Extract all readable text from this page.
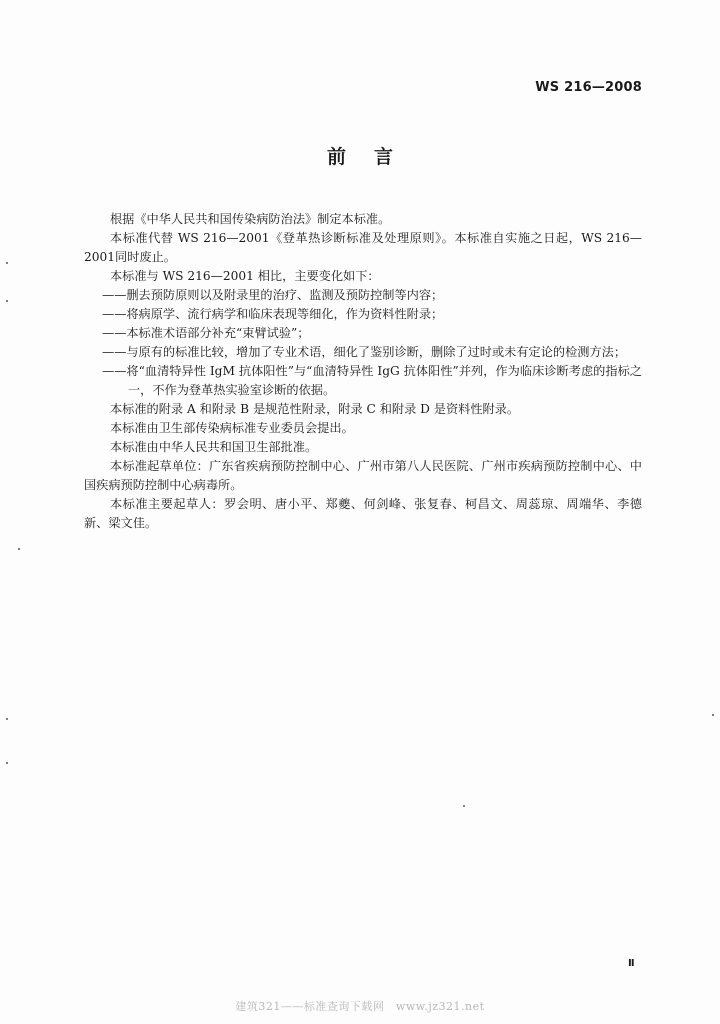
WS 216—2008
前言

根据《中华人民共和国传染病防治法》制定本标准。

本标准代替 WS 216—2001《登革热诊断标准及处理原则》。本标准自实施之日起，WS 216—2001同时废止。

本标准与 WS 216—2001 相比，主要变化如下：

——删去预防原则以及附录里的治疗、监测及预防控制等内容；

——将病原学、流行病学和临床表现等细化，作为资料性附录；

——本标准术语部分补充“束臂试验”；

——与原有的标准比较，增加了专业术语，细化了鉴别诊断，删除了过时或未有定论的检测方法；

——将“血清特异性 IgM 抗体阳性”与“血清特异性 IgG 抗体阳性”并列，作为临床诊断考虑的指标之一，不作为登革热实验室诊断的依据。

本标准的附录 A 和附录 B 是规范性附录，附录 C 和附录 D 是资料性附录。

本标准由卫生部传染病标准专业委员会提出。

本标准由中华人民共和国卫生部批准。

本标准起草单位：广东省疾病预防控制中心、广州市第八人民医院、广州市疾病预防控制中心、中国疾病预防控制中心病毒所。

本标准主要起草人：罗会明、唐小平、郑夔、何剑峰、张复春、柯昌文、周蕊琼、周端华、李德新、梁文佳。

Ⅱ
建筑321——标准查询下载网　www.jz321.net
